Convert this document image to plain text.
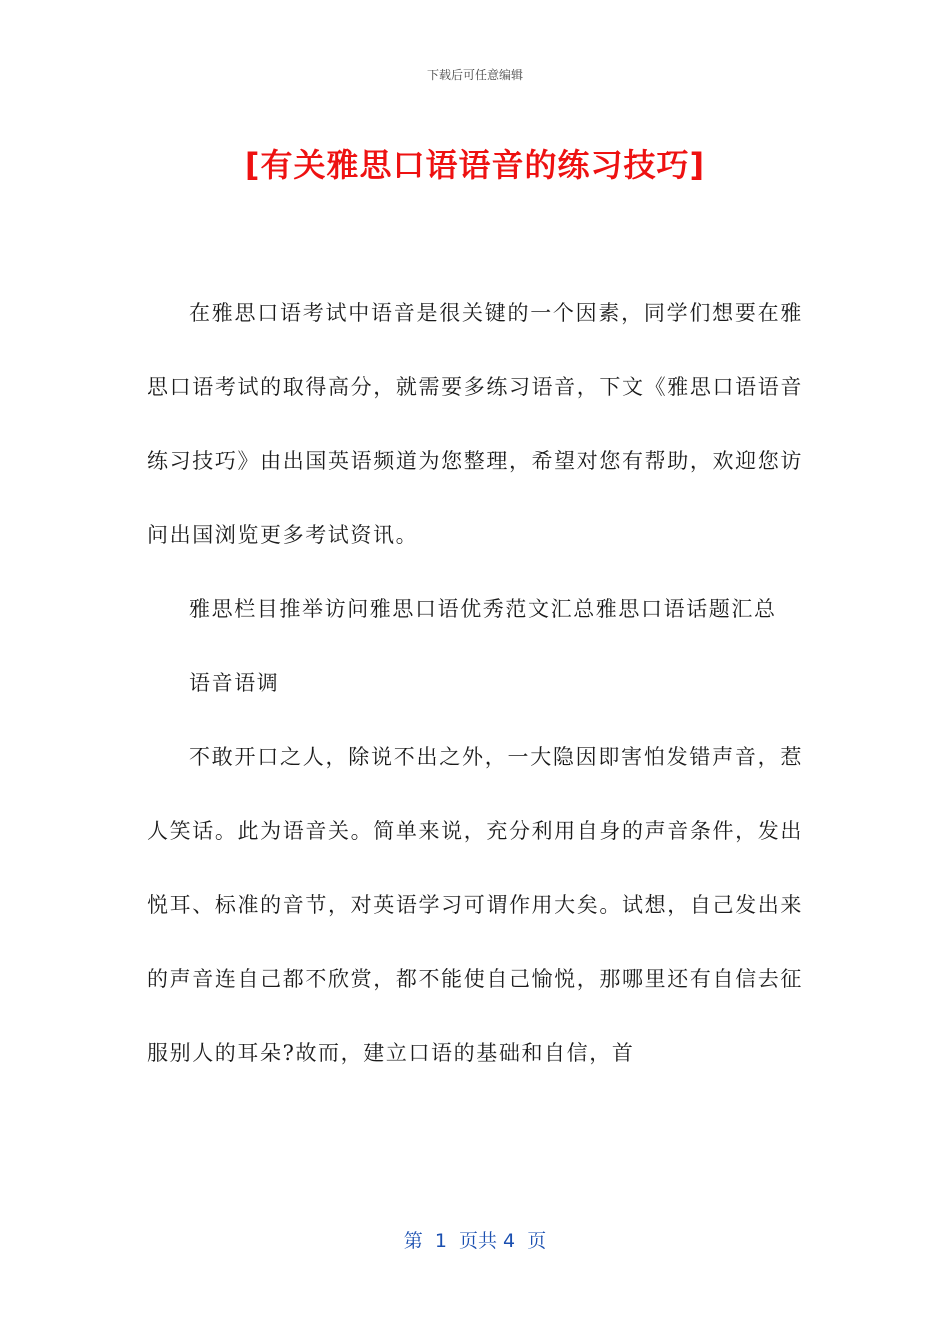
下载后可任意编辑
[有关雅思口语语音的练习技巧]

在雅思口语考试中语音是很关键的一个因素，同学们想要在雅思口语考试的取得高分，就需要多练习语音，下文《雅思口语语音练习技巧》由出国英语频道为您整理，希望对您有帮助，欢迎您访问出国浏览更多考试资讯。

雅思栏目推举访问雅思口语优秀范文汇总雅思口语话题汇总

语音语调

不敢开口之人，除说不出之外，一大隐因即害怕发错声音，惹人笑话。此为语音关。简单来说，充分利用自身的声音条件，发出悦耳、标准的音节，对英语学习可谓作用大矣。试想，自己发出来的声音连自己都不欣赏，都不能使自己愉悦，那哪里还有自信去征服别人的耳朵?故而，建立口语的基础和自信，首

第  1  页共 4  页
